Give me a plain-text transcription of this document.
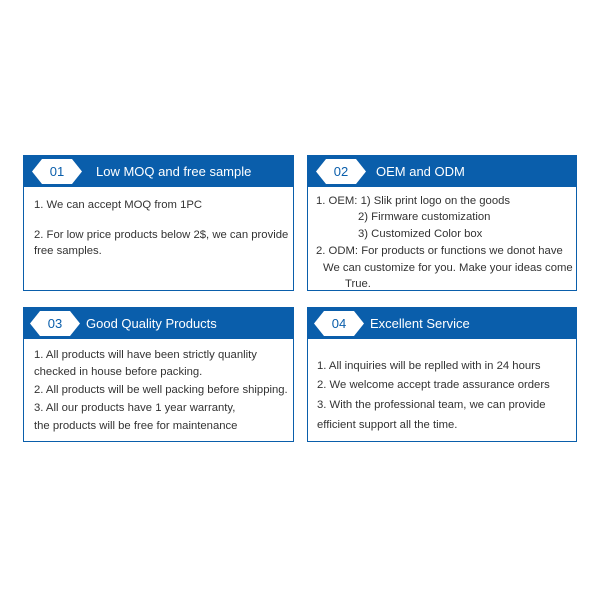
01	Low MOQ and free sample
1. We can accept MOQ from 1PC
2. For low price products below 2$, we can provide
free samples.
02	OEM and ODM
1. OEM: 1) Slik print logo on the goods
2) Firmware customization
3) Customized Color box
2. ODM: For products or functions we donot have
We can customize for you. Make your ideas come
True.
03	Good Quality Products
1. All products will have been strictly quanlity
checked in house before packing.
2. All products will be well packing before shipping.
3. All our products have 1 year warranty,
the products will be free for maintenance
04	Excellent Service
1. All inquiries will be replled with in 24 hours
2. We welcome accept trade assurance orders
3. With the professional team, we can provide
efficient support all the time.
